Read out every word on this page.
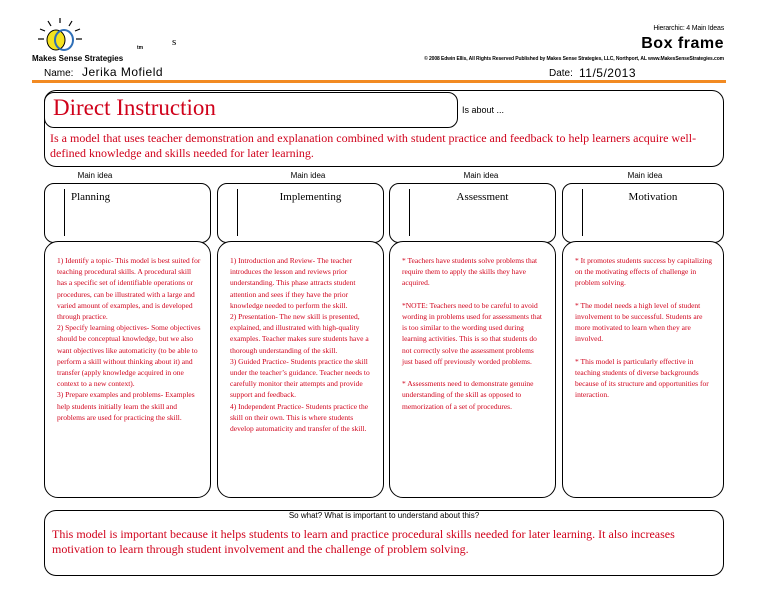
Makes Sense Strategies
tm	s
Hierarchic: 4 Main Ideas
Box frame
© 2008 Edwin Ellis, All Rights Reserved Published by Makes Sense Strategies, LLC, Northport, AL www.MakesSenseStrategies.com
Name: Jerika Mofield	Date: 11/5/2013
Direct Instruction	Is about ...
Is a model that uses teacher demonstration and explanation combined with student practice and feedback to help learners acquire well-defined knowledge and skills needed for later learning.
Main idea	Main idea	Main idea	Main idea
Planning	Implementing	Assessment	Motivation
1) Identify a topic- This model is best suited for teaching procedural skills. A procedural skill has a specific set of identifiable operations or procedures, can be illustrated with a large and varied amount of examples, and is developed through practice.
2) Specify learning objectives- Some objectives should be conceptual knowledge, but we also want objectives like automaticity (to be able to perform a skill without thinking about it) and transfer (apply knowledge acquired in one context to a new context).
3) Prepare examples and problems- Examples help students initially learn the skill and problems are used for practicing the skill.
1) Introduction and Review- The teacher introduces the lesson and reviews prior understanding. This phase attracts student attention and sees if they have the prior knowledge needed to perform the skill.
2) Presentation- The new skill is presented, explained, and illustrated with high-quality examples. Teacher makes sure students have a thorough understanding of the skill.
3) Guided Practice- Students practice the skill under the teacher’s guidance. Teacher needs to carefully monitor their attempts and provide support and feedback.
4) Independent Practice- Students practice the skill on their own. This is where students develop automaticity and transfer of the skill.
* Teachers have students solve problems that require them to apply the skills they have acquired.

*NOTE: Teachers need to be careful to avoid wording in problems used for assessments that is too similar to the wording used during learning activities. This is so that students do not correctly solve the assessment problems just based off previously worded problems.

* Assessments need to demonstrate genuine understanding of the skill as opposed to memorization of a set of procedures.
* It promotes students success by capitalizing on the motivating effects of challenge in problem solving.

* The model needs a high level of student involvement to be successful. Students are more motivated to learn when they are involved.

* This model is particularly effective in teaching students of diverse backgrounds because of its structure and opportunities for interaction.
So what? What is important to understand about this?
This model is important because it helps students to learn and practice procedural skills needed for later learning. It also increases motivation to learn through student involvement and the challenge of problem solving.
